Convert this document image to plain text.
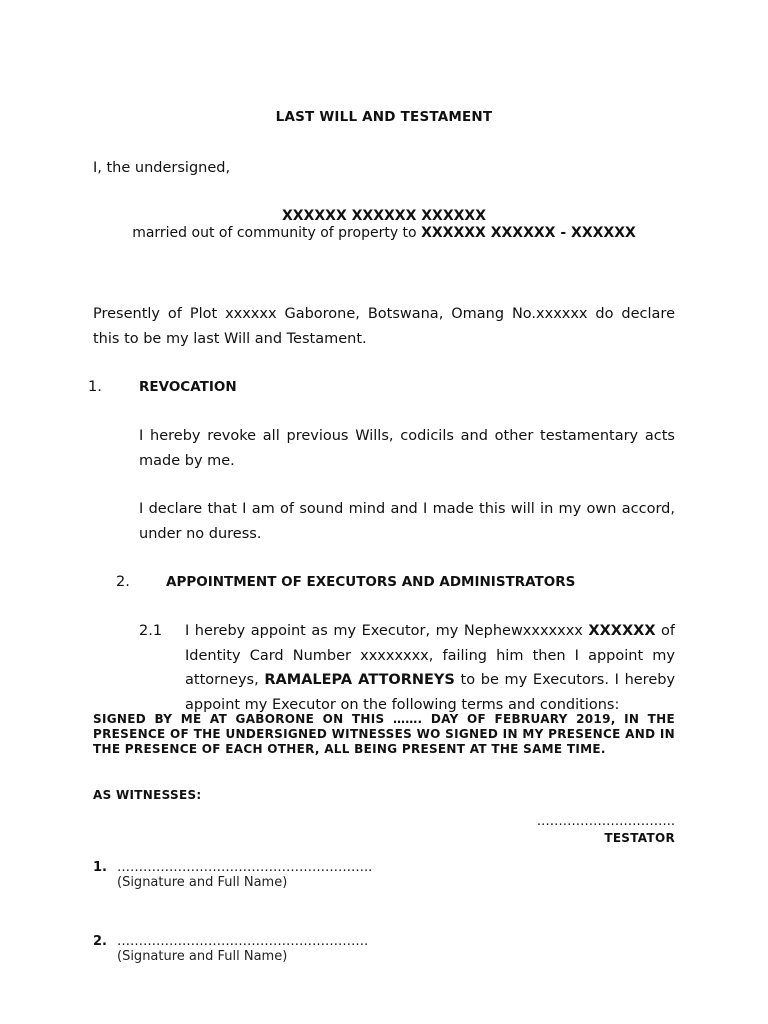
LAST WILL AND TESTAMENT
I, the undersigned,
XXXXXX XXXXXX XXXXXX
married out of community of property to XXXXXX XXXXXX - XXXXXX
Presently of Plot xxxxxx Gaborone, Botswana, Omang No.xxxxxx do declare this to be my last Will and Testament.
1.	REVOCATION
I hereby revoke all previous Wills, codicils and other testamentary acts made by me.
I declare that I am of sound mind and I made this will in my own accord, under no duress.
2.	APPOINTMENT OF EXECUTORS AND ADMINISTRATORS
2.1 I hereby appoint as my Executor, my Nephewxxxxxxx XXXXXX of Identity Card Number xxxxxxxx, failing him then I appoint my attorneys, RAMALEPA ATTORNEYS to be my Executors. I hereby appoint my Executor on the following terms and conditions:
SIGNED BY ME AT GABORONE ON THIS ……. DAY OF FEBRUARY 2019, IN THE PRESENCE OF THE UNDERSIGNED WITNESSES WO SIGNED IN MY PRESENCE AND IN THE PRESENCE OF EACH OTHER, ALL BEING PRESENT AT THE SAME TIME.
AS WITNESSES:
…………………………..
TESTATOR
1. …………………………………………………..
(Signature and Full Name)
2. ………………………………………………….
(Signature and Full Name)
